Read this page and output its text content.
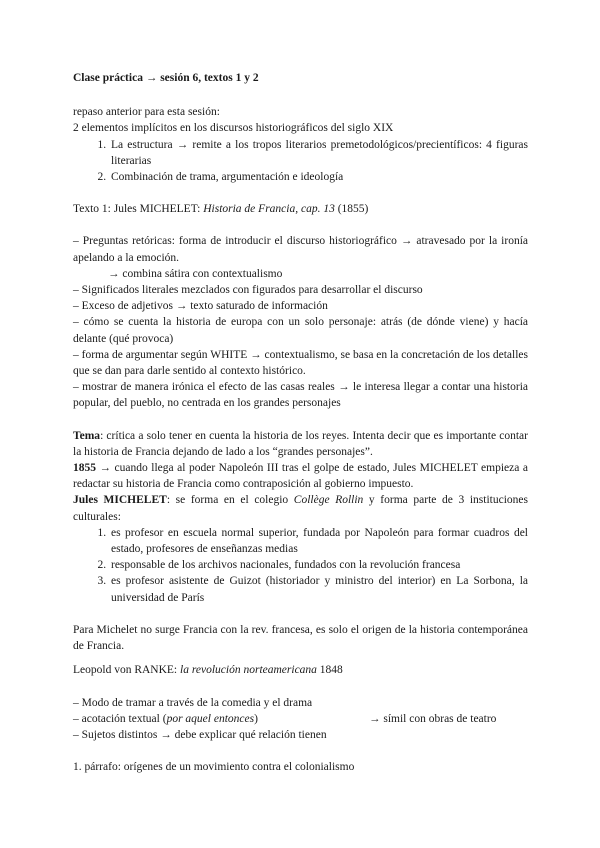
Clase práctica → sesión 6, textos 1 y 2

repaso anterior para esta sesión:

2 elementos implícitos en los discursos historiográficos del siglo XIX

1. La estructura → remite a los tropos literarios premetodológicos/precientíficos: 4 figuras literarias
2. Combinación de trama, argumentación e ideología

Texto 1: Jules MICHELET: Historia de Francia, cap. 13 (1855)

– Preguntas retóricas: forma de introducir el discurso historiográfico → atravesado por la ironía apelando a la emoción.

→ combina sátira con contextualismo

– Significados literales mezclados con figurados para desarrollar el discurso

– Exceso de adjetivos → texto saturado de información

– cómo se cuenta la historia de europa con un solo personaje: atrás (de dónde viene) y hacía delante (qué provoca)

– forma de argumentar según WHITE → contextualismo, se basa en la concretación de los detalles que se dan para darle sentido al contexto histórico.

– mostrar de manera irónica el efecto de las casas reales → le interesa llegar a contar una historia popular, del pueblo, no centrada en los grandes personajes

Tema: crítica a solo tener en cuenta la historia de los reyes. Intenta decir que es importante contar la historia de Francia dejando de lado a los “grandes personajes”.

1855 → cuando llega al poder Napoleón III tras el golpe de estado, Jules MICHELET empieza a redactar su historia de Francia como contraposición al gobierno impuesto.

Jules MICHELET: se forma en el colegio Collège Rollin y forma parte de 3 instituciones culturales:

1. es profesor en escuela normal superior, fundada por Napoleón para formar cuadros del estado, profesores de enseñanzas medias
2. responsable de los archivos nacionales, fundados con la revolución francesa
3. es profesor asistente de Guizot (historiador y ministro del interior) en La Sorbona, la universidad de París

Para Michelet no surge Francia con la rev. francesa, es solo el origen de la historia contemporánea de Francia.

Leopold von RANKE: la revolución norteamericana 1848

– Modo de tramar a través de la comedia y el drama

– acotación textual (por aquel entonces)	→ símil con obras de teatro

– Sujetos distintos → debe explicar qué relación tienen

1. párrafo: orígenes de un movimiento contra el colonialismo
